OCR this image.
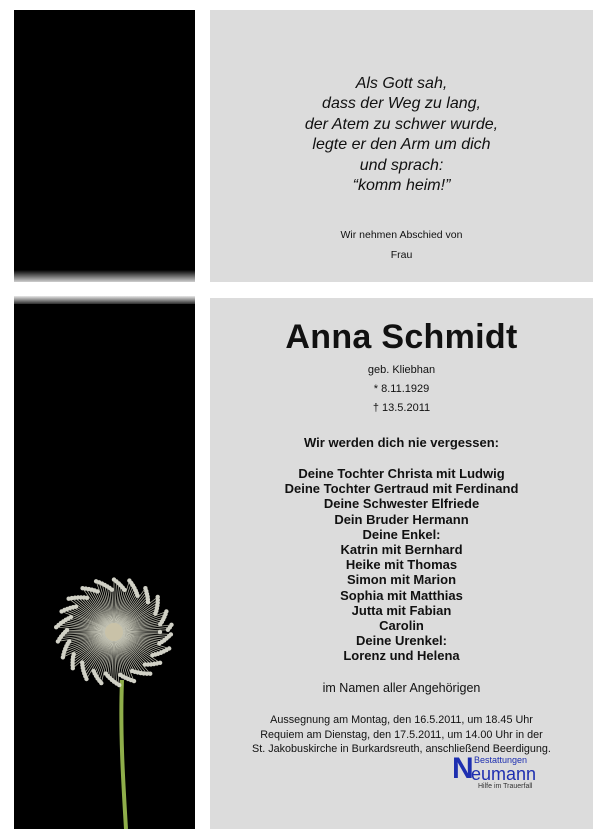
Als Gott sah,
dass der Weg zu lang,
der Atem zu schwer wurde,
legte er den Arm um dich
und sprach:
“komm heim!”
Wir nehmen Abschied von
Frau
Anna Schmidt
geb. Kliebhan
* 8.11.1929
† 13.5.2011
Wir werden dich nie vergessen:
Deine Tochter Christa mit Ludwig
Deine Tochter Gertraud mit Ferdinand
Deine Schwester Elfriede
Dein Bruder Hermann
Deine Enkel:
Katrin mit Bernhard
Heike mit Thomas
Simon mit Marion
Sophia mit Matthias
Jutta mit Fabian
Carolin
Deine Urenkel:
Lorenz und Helena
im Namen aller Angehörigen
Aussegnung am Montag, den 16.5.2011, um 18.45 Uhr
Requiem am Dienstag, den 17.5.2011, um 14.00 Uhr in der
St. Jakobuskirche in Burkardsreuth, anschließend Beerdigung.
N Bestattungen
eumann
Hilfe im Trauerfall
